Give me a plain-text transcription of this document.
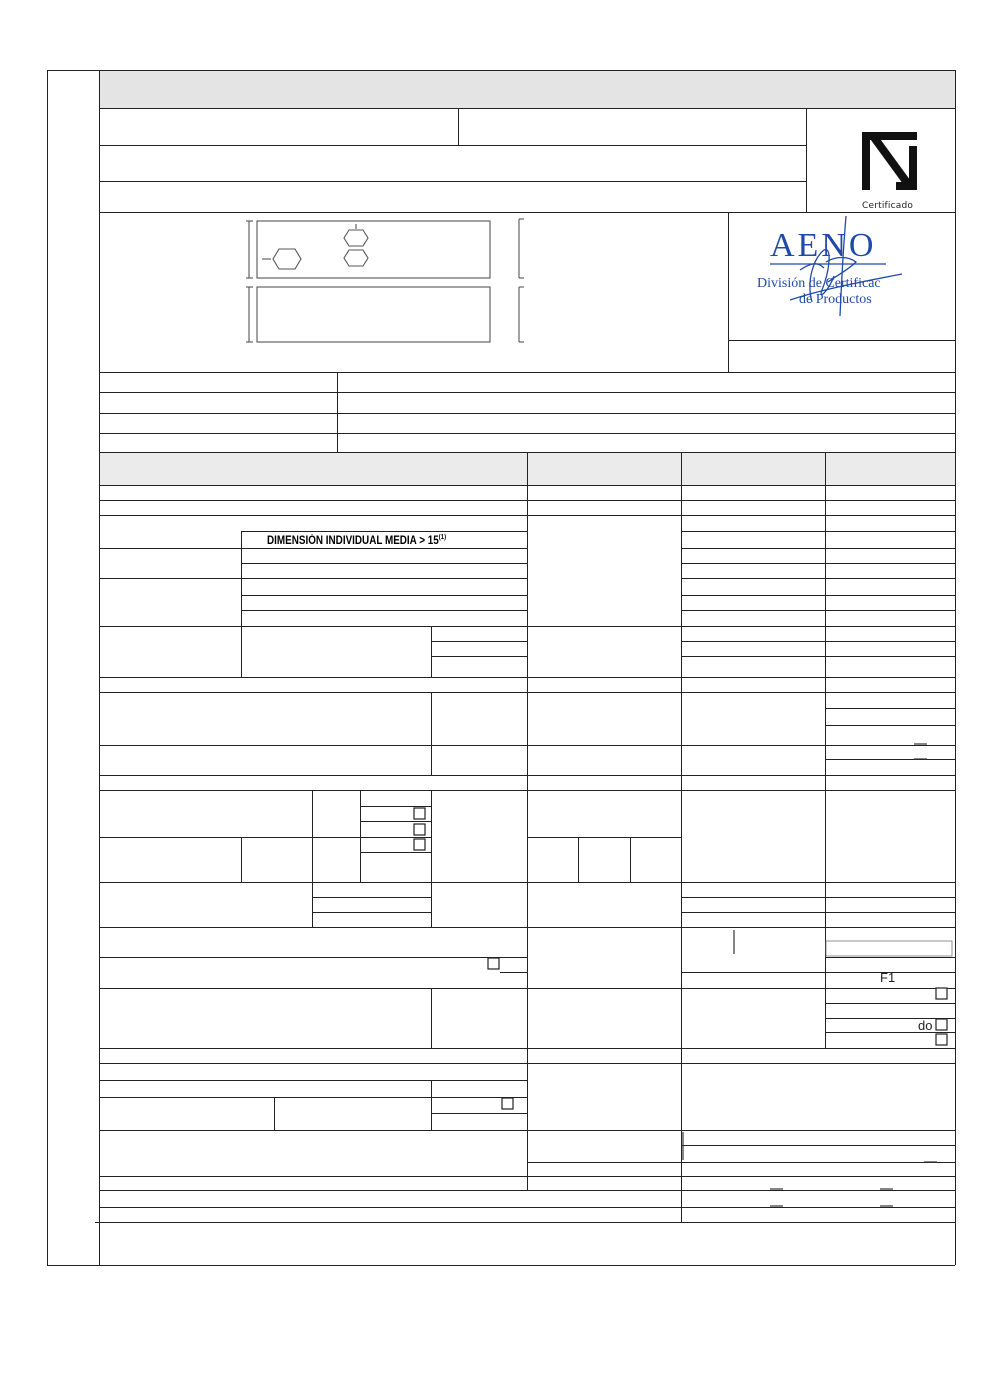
Certificado
AENO
División de Certificac
de Productos
DIMENSIÓN INDIVIDUAL MEDIA > 15$^{(1)}$
F1
do
